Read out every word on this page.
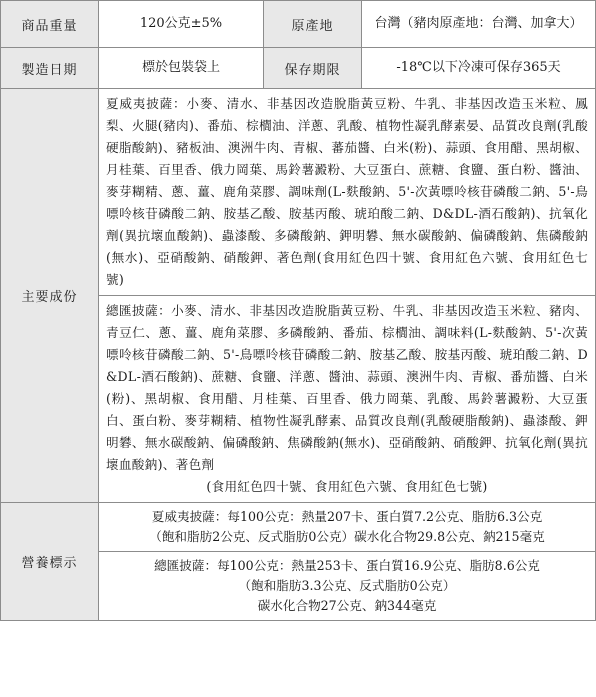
商品重量	120公克±5%	原產地	台灣（豬肉原產地：台灣、加拿大）
製造日期	標於包裝袋上	保存期限	-18℃以下冷凍可保存365天
主要成份	夏威夷披薩：小麥、清水、非基因改造脫脂黃豆粉、牛乳、非基因改造玉米粒、鳳梨、火腿(豬肉)、番茄、棕櫚油、洋蔥、乳酸、植物性凝乳酵素晏、品質改良劑(乳酸硬脂酸鈉)、豬板油、澳洲牛肉、青椒、蕃茄醬、白米(粉)、蒜頭、食用醋、黑胡椒、月桂葉、百里香、俄力岡葉、馬鈴薯澱粉、大豆蛋白、蔗糖、食鹽、蛋白粉、醬油、麥芽糊精、蔥、薑、鹿角菜膠、調味劑(L-麩酸鈉、5'-次黃嘌呤核苷磷酸二鈉、5'-鳥嘌呤核苷磷酸二鈉、胺基乙酸、胺基丙酸、琥珀酸二鈉、D&DL-酒石酸鈉)、抗氧化劑(異抗壞血酸鈉)、蟲漆酸、多磷酸鈉、鉀明礬、無水碳酸鈉、偏磷酸鈉、焦磷酸鈉(無水)、亞硝酸鈉、硝酸鉀、著色劑(食用紅色四十號、食用紅色六號、食用紅色七號)		

	總匯披薩：小麥、清水、非基因改造脫脂黃豆粉、牛乳、非基因改造玉米粒、豬肉、青豆仁、蔥、薑、鹿角菜膠、多磷酸鈉、番茄、棕櫚油、調味料(L-麩酸鈉、5'-次黃嘌呤核苷磷酸二鈉、5'-鳥嘌呤核苷磷酸二鈉、胺基乙酸、胺基丙酸、琥珀酸二鈉、D&DL-酒石酸鈉)、蔗糖、食鹽、洋蔥、醬油、蒜頭、澳洲牛肉、青椒、番茄醬、白米(粉)、黑胡椒、食用醋、月桂葉、百里香、俄力岡葉、乳酸、馬鈴薯澱粉、大豆蛋白、蛋白粉、麥芽糊精、植物性凝乳酵素、品質改良劑(乳酸硬脂酸鈉)、蟲漆酸、鉀明礬、無水碳酸鈉、偏磷酸鈉、焦磷酸鈉(無水)、亞硝酸鈉、硝酸鉀、抗氧化劑(異抗壞血酸鈉)、著色劑
(食用紅色四十號、食用紅色六號、食用紅色七號)		

營養標示	夏威夷披薩：每100公克：熱量207卡、蛋白質7.2公克、脂肪6.3公克
（飽和脂肪2公克、反式脂肪0公克）碳水化合物29.8公克、鈉215毫克		

	總匯披薩：每100公克：熱量253卡、蛋白質16.9公克、脂肪8.6公克
（飽和脂肪3.3公克、反式脂肪0公克）
碳水化合物27公克、鈉344毫克		
